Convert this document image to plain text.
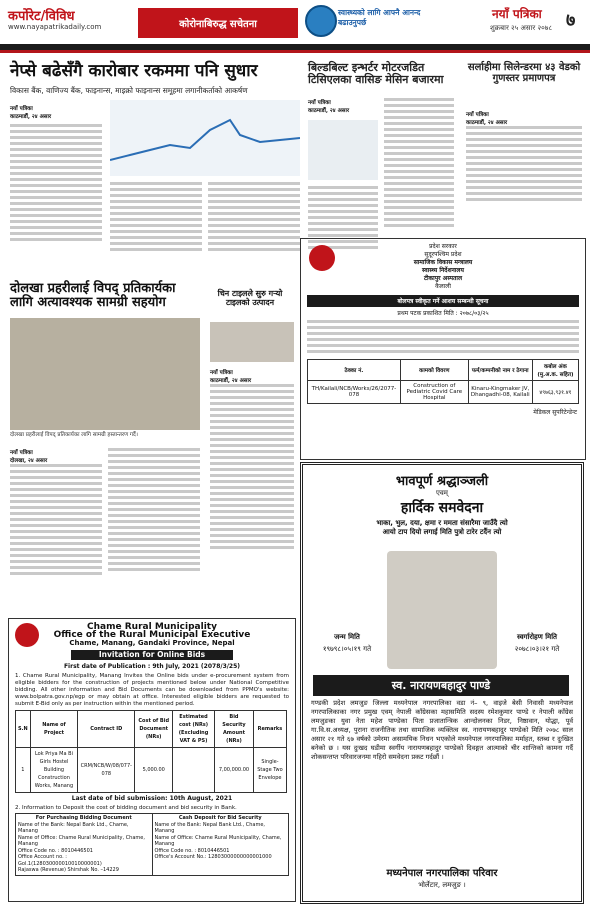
कर्पोरेट/विविध
www.nayapatrikadaily.com	कोरोनाबिरुद्ध सचेतना
स्वास्थ्यको लागि आफ्नै आनन्द बढाउनुपर्छ
नयाँ पत्रिका
शुक्रबार २५ असार २०७८ ७
नेप्से बढेसँगै कारोबार रकममा पनि सुधार
विकास बैंक, वाणिज्य बैंक, फाइनान्स, माइक्रो फाइनान्स समूहमा लगानीकर्ताको आकर्षण
नयाँ पत्रिका
काठमाडौं, २४ असार
बिल्डबिल्ट इन्भर्टर मोटरजडित टिसिएलका वासिङ मेसिन बजारमा
नयाँ पत्रिका
काठमाडौं, २४ असार
सर्लाहीमा सिलेन्डरमा ४३ वेडको गुणस्तर प्रमाणपत्र
नयाँ पत्रिका
काठमाडौं, २४ असार
प्रदेश सरकार
सुदूरपश्चिम प्रदेश
सामाजिक विकास मन्त्रालय
स्वास्थ्य निर्देशनालय
टीकापुर अस्पताल
कैलाली
बोलपत्र स्वीकृत गर्ने आशय सम्बन्धी सूचना
प्रथम पटक प्रकाशित मिति : २०७८/०३/२५
ठेक्का नं.	कामको विवरण	फर्म/कम्पनीको नाम र ठेगाना	कबोल अंक (मु.अ.क. सहित)
TH/Kailali/NCB/Works/26/2077-078	Construction of Pediatric Covid Care Hospital	Kinaru-Kingmaker JV, Dhangadhi-08, Kailali	४९७६३,९३१.४१
मेडिकल सुपरिटेन्डेन्ट
दोलखा प्रहरीलाई विपद् प्रतिकार्यका लागि अत्यावश्यक सामग्री सहयोग
दोलखा प्रहरीलाई विपद् प्रतिकार्यका लागि सामग्री हस्तान्तरण गर्दै।
नयाँ पत्रिका
दोलखा, २४ असार
चिन टाइलले सुरु गऱ्यो टाइलको उत्पादन
नयाँ पत्रिका
काठमाडौं, २४ असार
भावपूर्ण श्रद्धाञ्जली
एवम्
हार्दिक समवेदना
भाका, भुल, दया, क्षमा र ममता संसारैमा जाउँदै त्यो
आयो टाप दियो लगाई मिति पुत्रो टारेर टर्दैन त्यो
जन्म मिति
१९७९८।०५।१९ गते
स्वर्गारोहण मिति
२०७८।०३।२१ गते
स्व. नारायणबहादुर पाण्डे
गण्डकी प्रदेश लमजुङ जिल्ला मध्यनेपाल नगरपालिका वडा नं– ९, वाइजे बेसी निवासी मध्यनेपाल नगरपालिकाका नगर प्रमुख एवम् नेपाली काँग्रेसका महासमिति सदस्य रमेशकुमार पाण्डे र नेपाली काँग्रेस लमजुङका युवा नेता महेश पाण्डेका पिता प्रजातान्त्रिक आन्दोलनका निडर, निष्ठावान, योद्धा, पूर्व गा.वि.स.अध्यक्ष, पुराना राजनीतिक तथा सामाजिक व्यक्तित्व स्व. नारायणबहादुर पाण्डेको मिति २०७८ साल असार २१ गते ६७ वर्षको उमेरमा असामयिक निधन भएकोले मध्यनेपाल नगरपालिका मर्माहत, स्तब्ध र दुःखित बनेको छ । यस दुःखद घडीमा स्वर्गीय नारायणबहादुर पाण्डेको दिवङ्गत आत्माको चीर शान्तिको कामना गर्दै शोकसन्तप्त परिवारजनमा गहिरो समवेदना प्रकट गर्दछौं ।
मध्यनेपाल नगरपालिका परिवार
भोर्लेटार, लमजुङ ।
Chame Rural Municipality
Office of the Rural Municipal Executive
Chame, Manang, Gandaki Province, Nepal
Invitation for Online Bids
First date of Publication : 9th July, 2021 (2078/3/25)
1. Chame Rural Municipality, Manang Invites the Online bids under e-procurement system from eligible bidders for the construction of projects mentioned below under National Competitive bidding. All other information and Bid Documents can be downloaded from PPMO's website: www.bolpatra.gov.np/egp or may obtain at office. Interested eligible bidders are requested to submit E-Bid only as per instruction within the mentioned period.
S.N	Name of Project	Contract ID	Cost of Bid Document (NRs)	Estimated cost (NRs) (Excluding VAT & PS)	Bid Security Amount (NRs)	Remarks
1	Lok Priya Ma Bi Girls Hostel Building Construction Works, Manang	CRM/NCB/W/08/077-078	5,000.00		7,00,000.00	Single-Stage Two Envelope
Last date of bid submission: 10th August, 2021
2. Information to Deposit the cost of bidding document and bid security in Bank.
For Purchasing Bidding Document
Name of the Bank: Nepal Bank Ltd., Chame, Manang
Name of Office: Chame Rural Municipality, Chame, Manang
Office Code no. : 8010446501
Office Account no. : Gol.1(128030000010010000001)
Rajaswa (Revenue) Shirshak No. –14229
Cash Deposit for Bid Security
Name of the Bank: Nepal Bank Ltd., Chame, Manang
Name of Office: Chame Rural Municipality, Chame, Manang
Office Code no. : 8010446501
Office's Account No.: 12803000000000001000
